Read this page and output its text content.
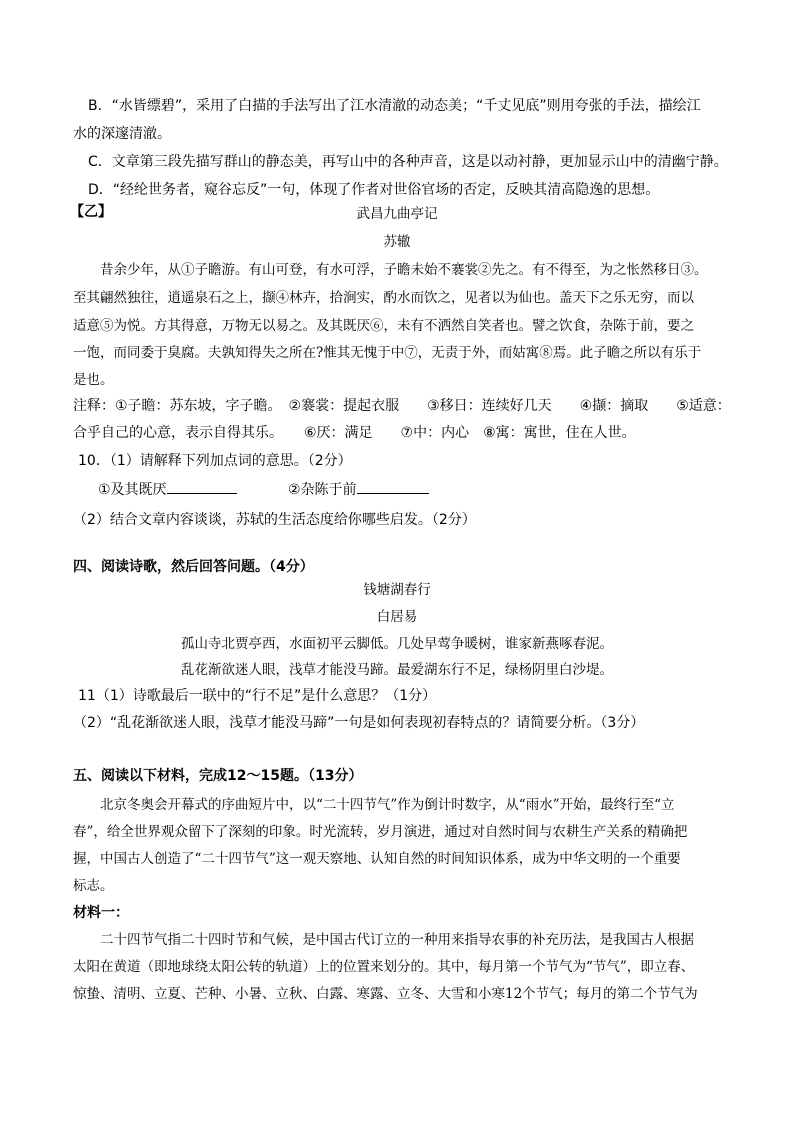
B．“水皆缥碧”，采用了白描的手法写出了江水清澈的动态美；“千丈见底”则用夸张的手法，描绘江
水的深邃清澈。
C．文章第三段先描写群山的静态美，再写山中的各种声音，这是以动衬静，更加显示山中的清幽宁静。
D．“经纶世务者，窥谷忘反”一句，体现了作者对世俗官场的否定，反映其清高隐逸的思想。
【乙】	武昌九曲亭记
苏辙
昔余少年，从①子瞻游。有山可登，有水可浮，子瞻未始不褰裳②先之。有不得至，为之怅然移日③。
至其翩然独往，逍遥泉石之上，撷④林卉，拾涧实，酌水而饮之，见者以为仙也。盖天下之乐无穷，而以
适意⑤为悦。方其得意，万物无以易之。及其既厌⑥，未有不洒然自笑者也。譬之饮食，杂陈于前，要之
一饱，而同委于臭腐。夫孰知得失之所在?惟其无愧于中⑦，无责于外，而姑寓⑧焉。此子瞻之所以有乐于
是也。
注释：①子瞻：苏东坡，字子瞻。　②褰裳：提起衣服　　③移日：连续好几天　　④撷：摘取　　⑤适意：
合乎自己的心意，表示自得其乐。　　⑥厌：满足　　⑦中：内心　⑧寓：寓世，住在人世。
10．（1）请解释下列加点词的意思。（2分）
①及其既厌	②杂陈于前
（2）结合文章内容谈谈，苏轼的生活态度给你哪些启发。（2分）
四、阅读诗歌，然后回答问题。（4分）
钱塘湖春行
白居易
孤山寺北贾亭西，水面初平云脚低。几处早莺争暖树，谁家新燕啄春泥。
乱花渐欲迷人眼，浅草才能没马蹄。最爱湖东行不足，绿杨阴里白沙堤。
11（1）诗歌最后一联中的“行不足”是什么意思？（1分）
（2）“乱花渐欲迷人眼，浅草才能没马蹄”一句是如何表现初春特点的？请简要分析。（3分）
五、阅读以下材料，完成12～15题。（13分）
北京冬奥会开幕式的序曲短片中，以“二十四节气”作为倒计时数字，从“雨水”开始，最终行至“立
春”，给全世界观众留下了深刻的印象。时光流转，岁月演进，通过对自然时间与农耕生产关系的精确把
握，中国古人创造了“二十四节气”这一观天察地、认知自然的时间知识体系，成为中华文明的一个重要
标志。
材料一：
二十四节气指二十四时节和气候，是中国古代订立的一种用来指导农事的补充历法，是我国古人根据
太阳在黄道（即地球绕太阳公转的轨道）上的位置来划分的。其中，每月第一个节气为“节气”，即立春、
惊蛰、清明、立夏、芒种、小暑、立秋、白露、寒露、立冬、大雪和小寒12个节气；每月的第二个节气为
